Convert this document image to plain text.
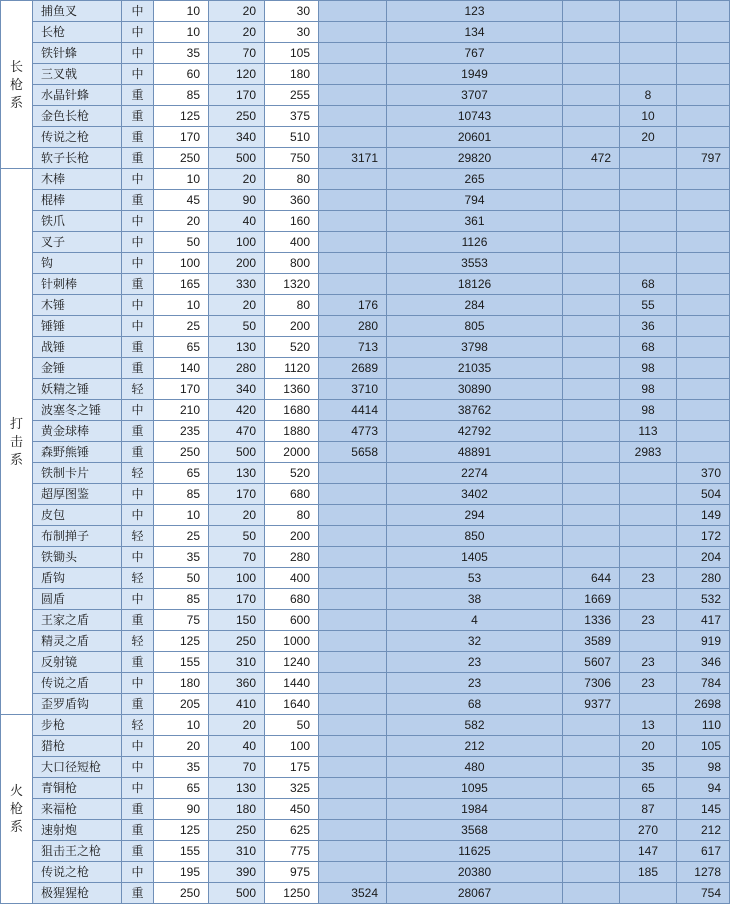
长
枪
系	捕鱼叉	中	10	20	30		123			
	长枪	中	10	20	30		134			
	铁针蜂	中	35	70	105		767			
	三叉戟	中	60	120	180		1949			
	水晶针蜂	重	85	170	255		3707		8	
	金色长枪	重	125	250	375		10743		10	
	传说之枪	重	170	340	510		20601		20	
	软子长枪	重	250	500	750	3171	29820	472		797

打
击
系	木棒	中	10	20	80		265			
	棍棒	重	45	90	360		794			
	铁爪	中	20	40	160		361			
	叉子	中	50	100	400		1126			
	钩	中	100	200	800		3553			
	针刺棒	重	165	330	1320		18126		68	
	木锤	中	10	20	80	176	284		55	
	锤锤	中	25	50	200	280	805		36	
	战锤	重	65	130	520	713	3798		68	
	金锤	重	140	280	1120	2689	21035		98	
	妖精之锤	轻	170	340	1360	3710	30890		98	
	波塞冬之锤	中	210	420	1680	4414	38762		98	
	黄金球棒	重	235	470	1880	4773	42792		113	
	森野熊锤	重	250	500	2000	5658	48891		2983	
	铁制卡片	轻	65	130	520		2274			370
	超厚图鉴	中	85	170	680		3402			504
	皮包	中	10	20	80		294			149
	布制掸子	轻	25	50	200		850			172
	铁锄头	中	35	70	280		1405			204
	盾钩	轻	50	100	400		53	644	23	280
	圆盾	中	85	170	680		38	1669		532
	王家之盾	重	75	150	600		4	1336	23	417
	精灵之盾	轻	125	250	1000		32	3589		919
	反射镜	重	155	310	1240		23	5607	23	346
	传说之盾	中	180	360	1440		23	7306	23	784
	歪罗盾钩	重	205	410	1640		68	9377		2698

火
枪
系	步枪	轻	10	20	50		582		13	110
	猎枪	中	20	40	100		212		20	105
	大口径短枪	中	35	70	175		480		35	98
	青铜枪	中	65	130	325		1095		65	94
	来福枪	重	90	180	450		1984		87	145
	速射炮	重	125	250	625		3568		270	212
	狙击王之枪	重	155	310	775		11625		147	617
	传说之枪	中	195	390	975		20380		185	1278
	极猩猩枪	重	250	500	1250	3524	28067			754
